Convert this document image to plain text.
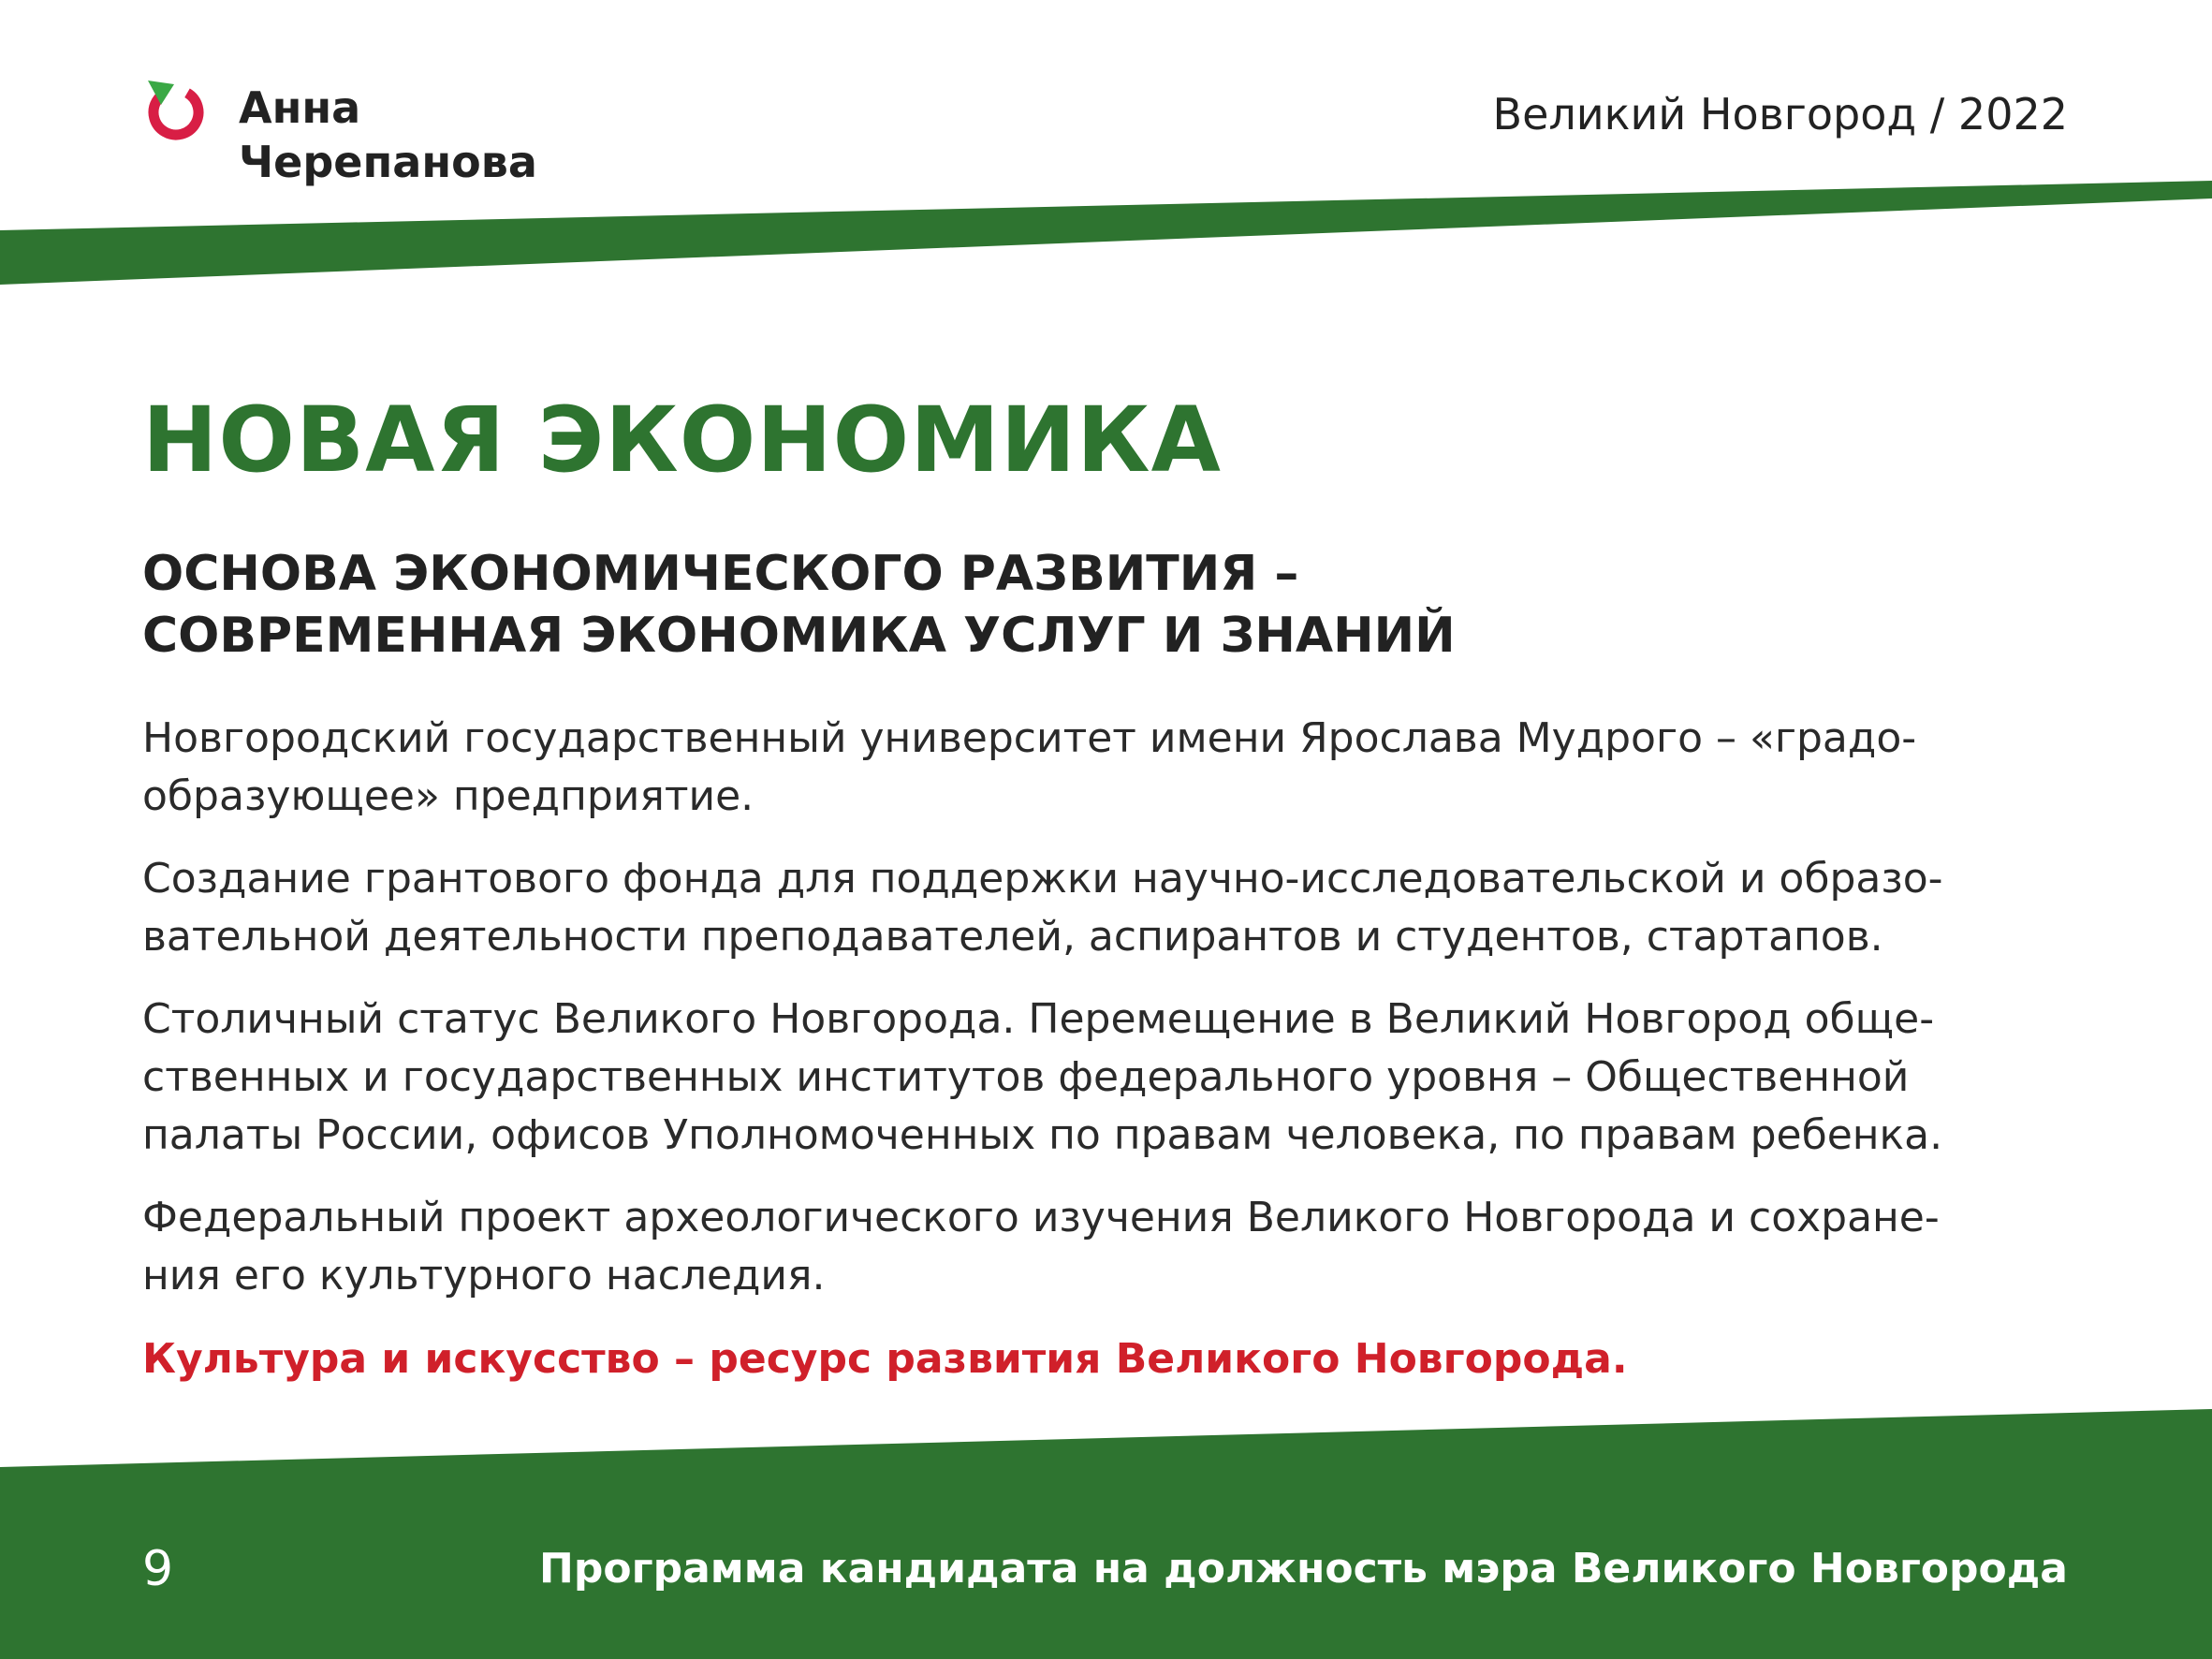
Анна
Черепанова
Великий Новгород / 2022
НОВАЯ ЭКОНОМИКА
ОСНОВА ЭКОНОМИЧЕСКОГО РАЗВИТИЯ –
СОВРЕМЕННАЯ ЭКОНОМИКА УСЛУГ И ЗНАНИЙ

Новгородский государственный университет имени Ярослава Мудрого – «градо-
образующее» предприятие.

Создание грантового фонда для поддержки научно-исследовательской и образо-
вательной деятельности преподавателей, аспирантов и студентов, стартапов.

Столичный статус Великого Новгорода. Перемещение в Великий Новгород обще-
ственных и государственных институтов федерального уровня – Общественной
палаты России, офисов Уполномоченных по правам человека, по правам ребенка.

Федеральный проект археологического изучения Великого Новгорода и сохране-
ния его культурного наследия.

Культура и искусство – ресурс развития Великого Новгорода.
9	Программа кандидата на должность мэра Великого Новгорода
